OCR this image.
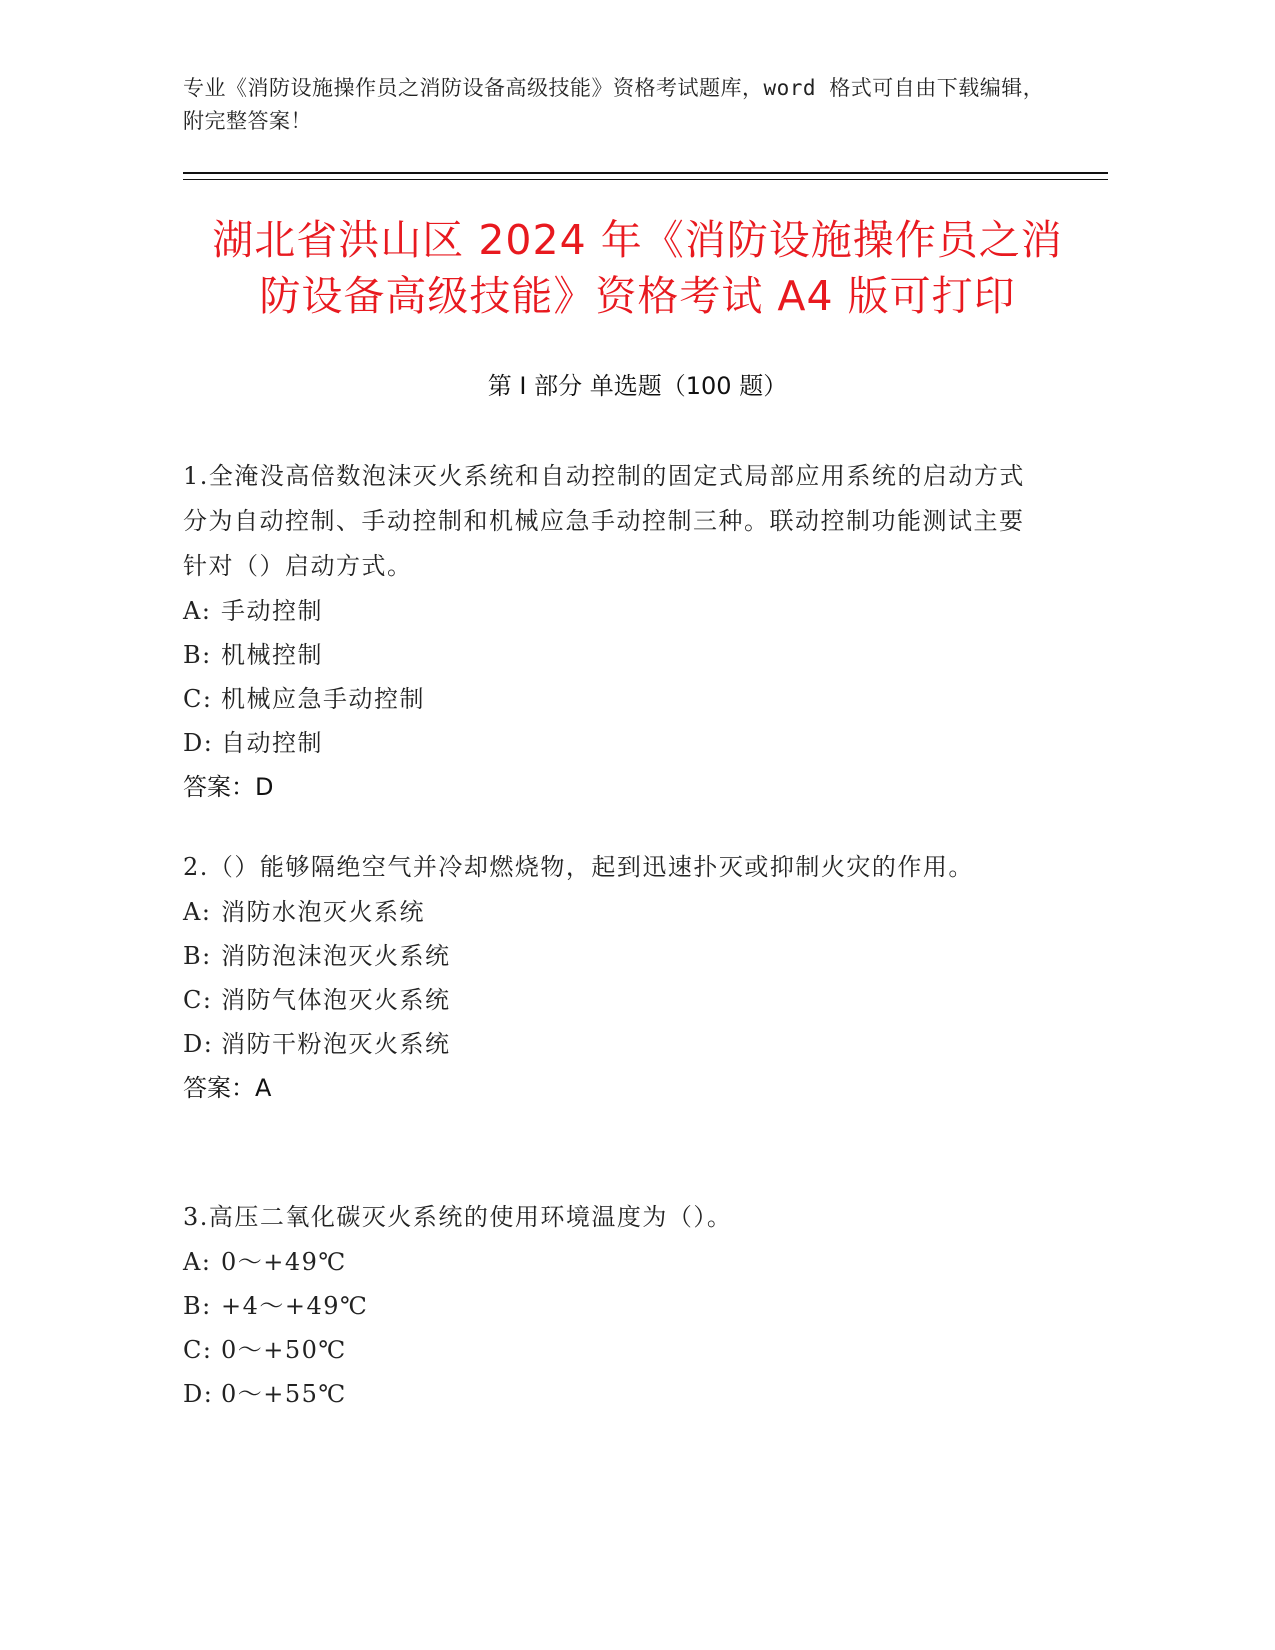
专业《消防设施操作员之消防设备高级技能》资格考试题库，word 格式可自由下载编辑，附完整答案！
湖北省洪山区 2024 年《消防设施操作员之消
防设备高级技能》资格考试 A4 版可打印
第 I 部分 单选题（100 题）

1.全淹没高倍数泡沫灭火系统和自动控制的固定式局部应用系统的启动方式分为自动控制、手动控制和机械应急手动控制三种。联动控制功能测试主要针对（）启动方式。

A: 手动控制

B: 机械控制

C: 机械应急手动控制

D: 自动控制

答案：D

2.（）能够隔绝空气并冷却燃烧物，起到迅速扑灭或抑制火灾的作用。

A: 消防水泡灭火系统

B: 消防泡沫泡灭火系统

C: 消防气体泡灭火系统

D: 消防干粉泡灭火系统

答案：A

3.高压二氧化碳灭火系统的使用环境温度为（）。

A: 0～+49℃

B: +4～+49℃

C: 0～+50℃

D: 0～+55℃
